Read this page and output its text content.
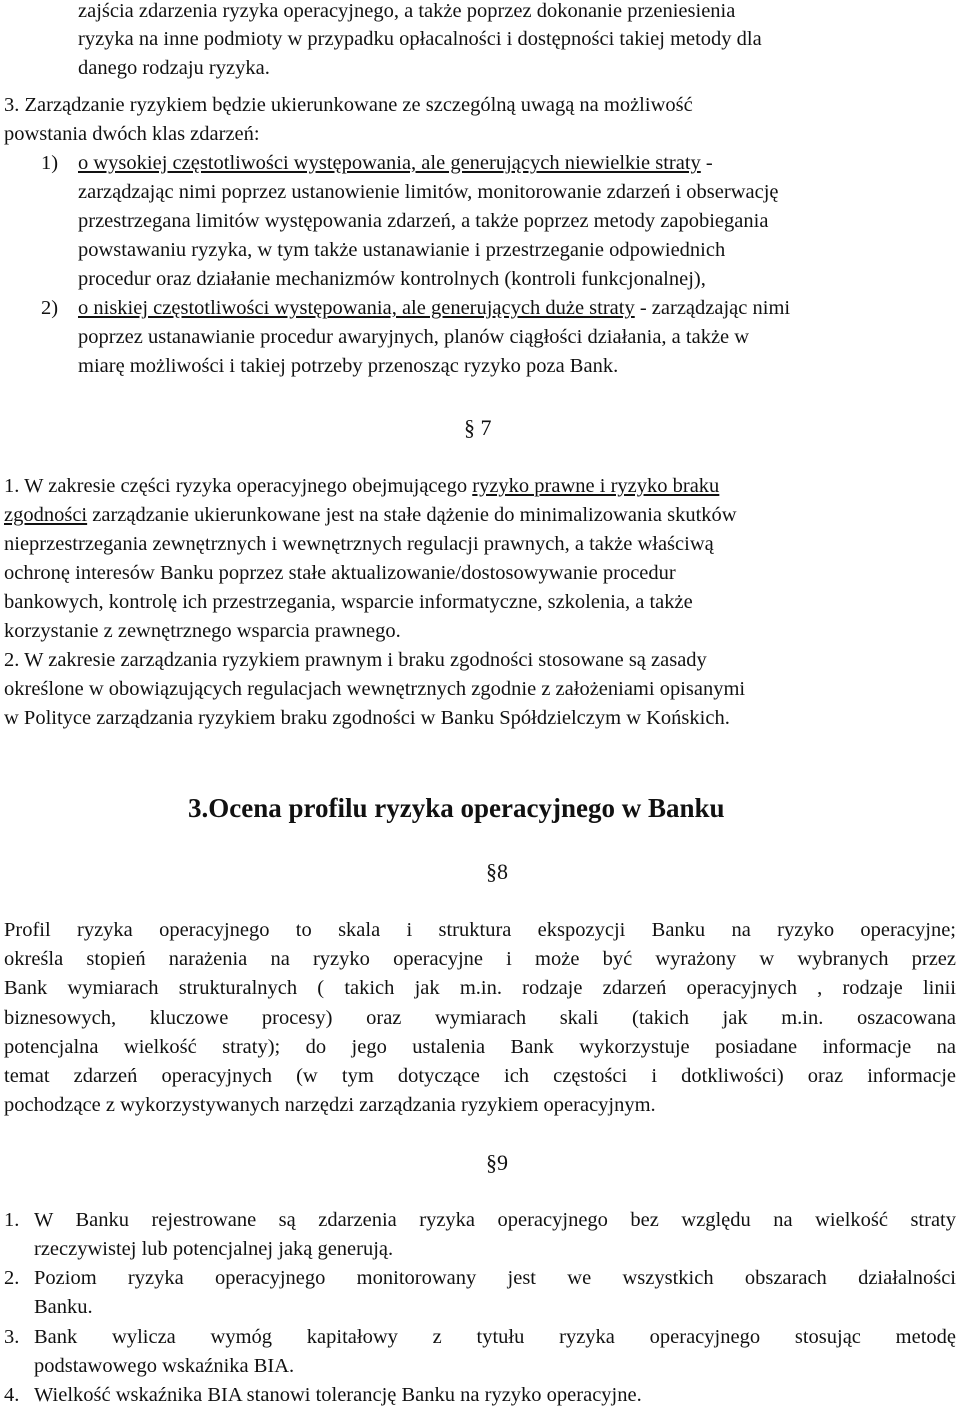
zajścia zdarzenia ryzyka operacyjnego, a także poprzez dokonanie przeniesienia
ryzyka na inne podmioty w przypadku opłacalności i dostępności takiej metody dla
danego rodzaju ryzyka.
3. Zarządzanie ryzykiem będzie ukierunkowane ze szczególną uwagą na możliwość
powstania dwóch klas zdarzeń:
1) o wysokiej częstotliwości występowania, ale generujących niewielkie straty -
zarządzając nimi poprzez ustanowienie limitów, monitorowanie zdarzeń i obserwację
przestrzegana limitów występowania zdarzeń, a także poprzez metody zapobiegania
powstawaniu ryzyka, w tym także ustanawianie i przestrzeganie odpowiednich
procedur oraz działanie mechanizmów kontrolnych (kontroli funkcjonalnej),
2) o niskiej częstotliwości występowania, ale generujących duże straty - zarządzając nimi
poprzez ustanawianie procedur awaryjnych, planów ciągłości działania, a także w
miarę możliwości i takiej potrzeby przenosząc ryzyko poza Bank.
§ 7
1. W zakresie części ryzyka operacyjnego obejmującego ryzyko prawne i ryzyko braku
zgodności zarządzanie ukierunkowane jest na stałe dążenie do minimalizowania skutków
nieprzestrzegania zewnętrznych i wewnętrznych regulacji prawnych, a także właściwą
ochronę interesów Banku poprzez stałe aktualizowanie/dostosowywanie procedur
bankowych, kontrolę ich przestrzegania, wsparcie informatyczne, szkolenia, a także
korzystanie z zewnętrznego wsparcia prawnego.
2. W zakresie zarządzania ryzykiem prawnym i braku zgodności stosowane są zasady
określone w obowiązujących regulacjach wewnętrznych zgodnie z założeniami opisanymi
w Polityce zarządzania ryzykiem braku zgodności w Banku Spółdzielczym w Końskich.
3.Ocena profilu ryzyka operacyjnego w Banku
§8
Profil ryzyka operacyjnego to skala i struktura ekspozycji Banku na ryzyko operacyjne;
określa stopień narażenia na ryzyko operacyjne i może być wyrażony w wybranych przez
Bank wymiarach strukturalnych ( takich jak m.in. rodzaje zdarzeń operacyjnych , rodzaje linii
biznesowych, kluczowe procesy) oraz wymiarach skali (takich jak m.in. oszacowana
potencjalna wielkość straty); do jego ustalenia Bank wykorzystuje posiadane informacje na
temat zdarzeń operacyjnych (w tym dotyczące ich częstości i dotkliwości) oraz informacje
pochodzące z wykorzystywanych narzędzi zarządzania ryzykiem operacyjnym.
§9
1. W Banku rejestrowane są zdarzenia ryzyka operacyjnego bez względu na wielkość straty
rzeczywistej lub potencjalnej jaką generują.
2. Poziom ryzyka operacyjnego monitorowany jest we wszystkich obszarach działalności
Banku.
3. Bank wylicza wymóg kapitałowy z tytułu ryzyka operacyjnego stosując metodę
podstawowego wskaźnika BIA.
4. Wielkość wskaźnika BIA stanowi tolerancję Banku na ryzyko operacyjne.
